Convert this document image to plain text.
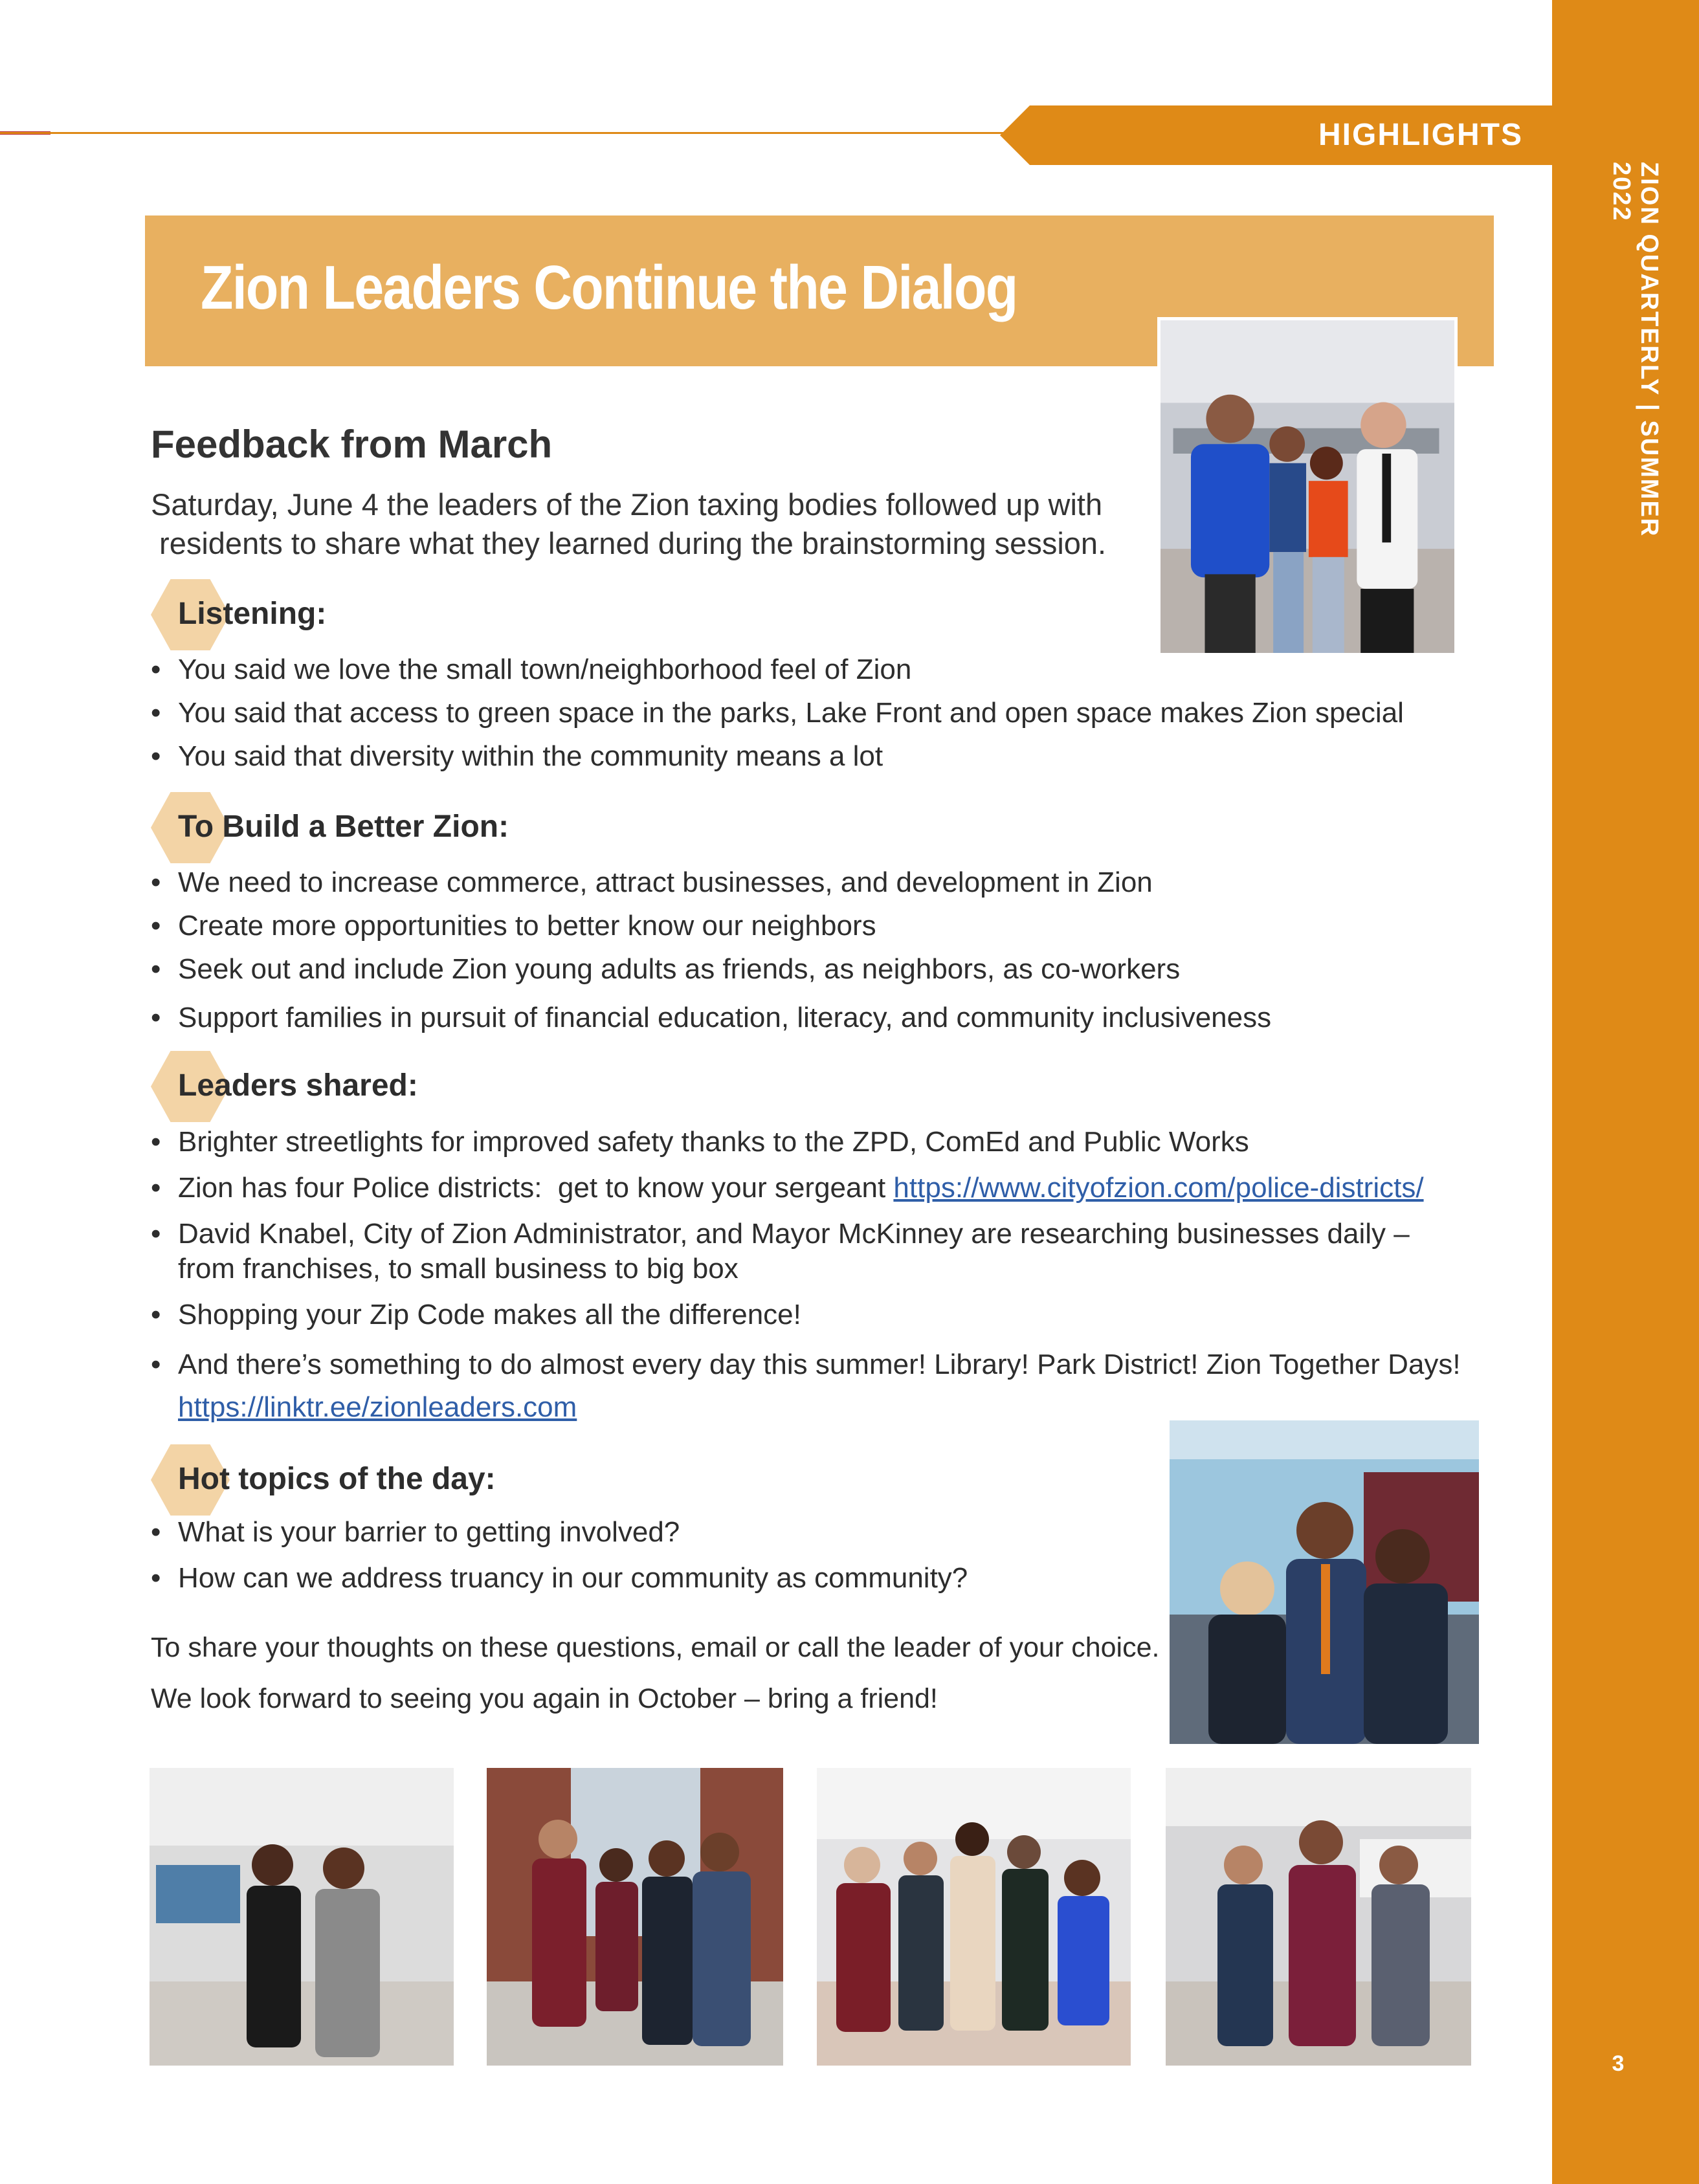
ZION QUARTERLY | SUMMER 2022
3
HIGHLIGHTS
Zion Leaders Continue the Dialog
Feedback from March
Saturday, June 4 the leaders of the Zion taxing bodies followed up with
residents to share what they learned during the brainstorming session.
Listening:
• You said we love the small town/neighborhood feel of Zion
• You said that access to green space in the parks, Lake Front and open space makes Zion special
• You said that diversity within the community means a lot
To Build a Better Zion:
• We need to increase commerce, attract businesses, and development in Zion
• Create more opportunities to better know our neighbors
• Seek out and include Zion young adults as friends, as neighbors, as co-workers
• Support families in pursuit of financial education, literacy, and community inclusiveness
Leaders shared:
• Brighter streetlights for improved safety thanks to the ZPD, ComEd and Public Works
• Zion has four Police districts:  get to know your sergeant https://www.cityofzion.com/police-districts/
• David Knabel, City of Zion Administrator, and Mayor McKinney are researching businesses daily –
from franchises, to small business to big box
• Shopping your Zip Code makes all the difference!
• And there’s something to do almost every day this summer! Library! Park District! Zion Together Days!
https://linktr.ee/zionleaders.com
Hot topics of the day:
• What is your barrier to getting involved?
• How can we address truancy in our community as community?
To share your thoughts on these questions, email or call the leader of your choice.
We look forward to seeing you again in October – bring a friend!
